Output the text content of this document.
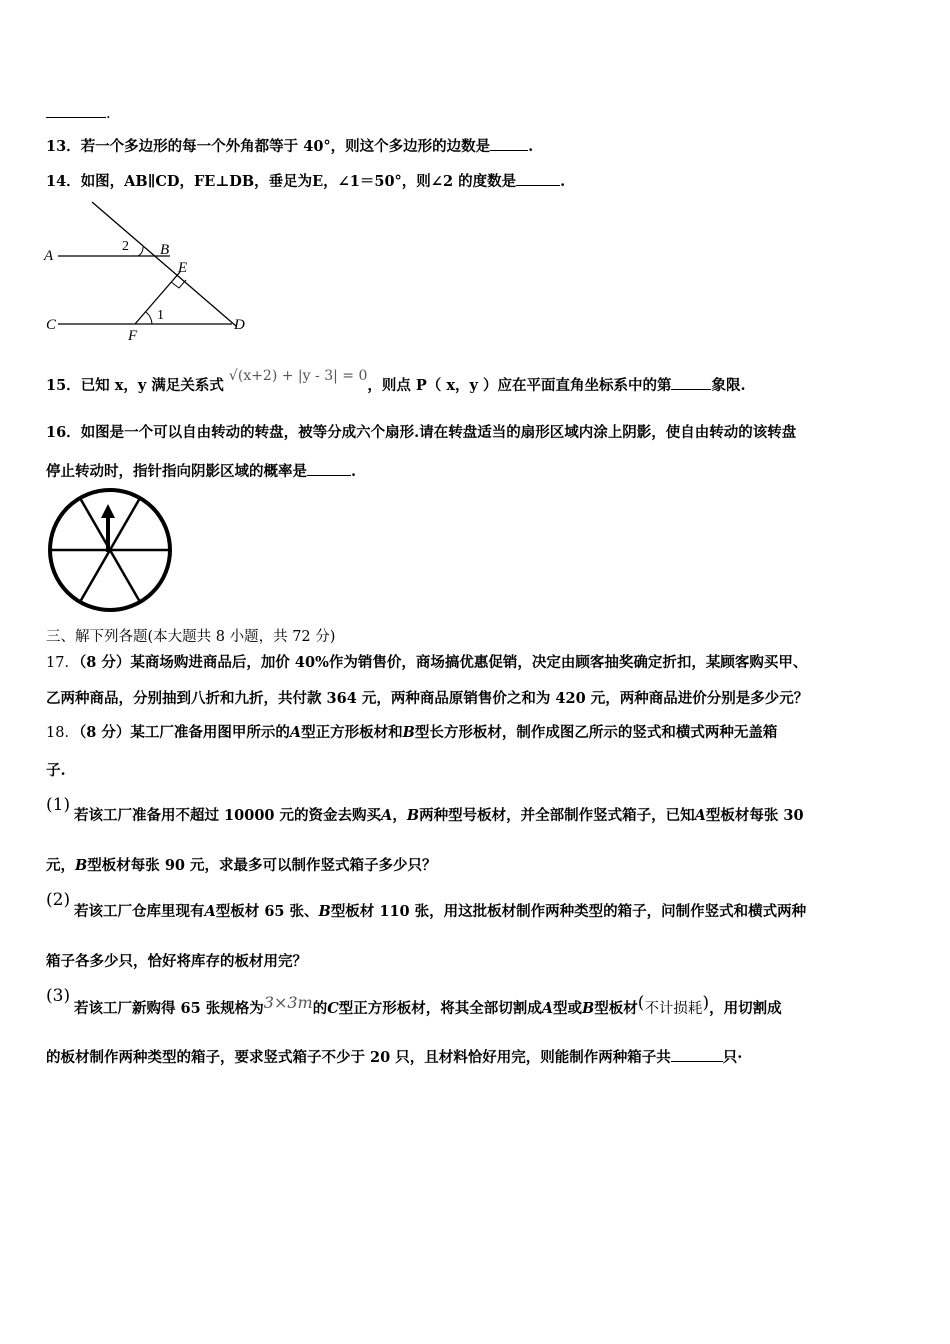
.
13．若一个多边形的每一个外角都等于 40°，则这个多边形的边数是	.
14．如图，AB∥CD，FE⊥DB，垂足为E，∠1＝50°，则∠2 的度数是	.
A	B
E
C
F
D
1
2
15．已知 x，y 满足关系式 √(x+2) + |y - 3| = 0，则点 P（ x，y ）应在平面直角坐标系中的第	象限.
16．如图是一个可以自由转动的转盘，被等分成六个扇形.请在转盘适当的扇形区域内涂上阴影，使自由转动的该转盘
停止转动时，指针指向阴影区域的概率是	.
三、解下列各题(本大题共 8 小题，共 72 分)
17．（8 分）某商场购进商品后，加价 40%作为销售价，商场搞优惠促销，决定由顾客抽奖确定折扣，某顾客购买甲、
乙两种商品，分别抽到八折和九折，共付款 364 元，两种商品原销售价之和为 420 元，两种商品进价分别是多少元？
18．（8 分）某工厂准备用图甲所示的A型正方形板材和B型长方形板材，制作成图乙所示的竖式和横式两种无盖箱
子.
(1)
若该工厂准备用不超过 10000 元的资金去购买A，B两种型号板材，并全部制作竖式箱子，已知A型板材每张 30
元，B型板材每张 90 元，求最多可以制作竖式箱子多少只？
(2)
若该工厂仓库里现有A型板材 65 张、B型板材 110 张，用这批板材制作两种类型的箱子，问制作竖式和横式两种
箱子各多少只，恰好将库存的板材用完？
(3)
若该工厂新购得 65 张规格为3×3m的C型正方形板材，将其全部切割成A型或B型板材(不计损耗)，用切割成
的板材制作两种类型的箱子，要求竖式箱子不少于 20 只，且材料恰好用完，则能制作两种箱子共	只·
